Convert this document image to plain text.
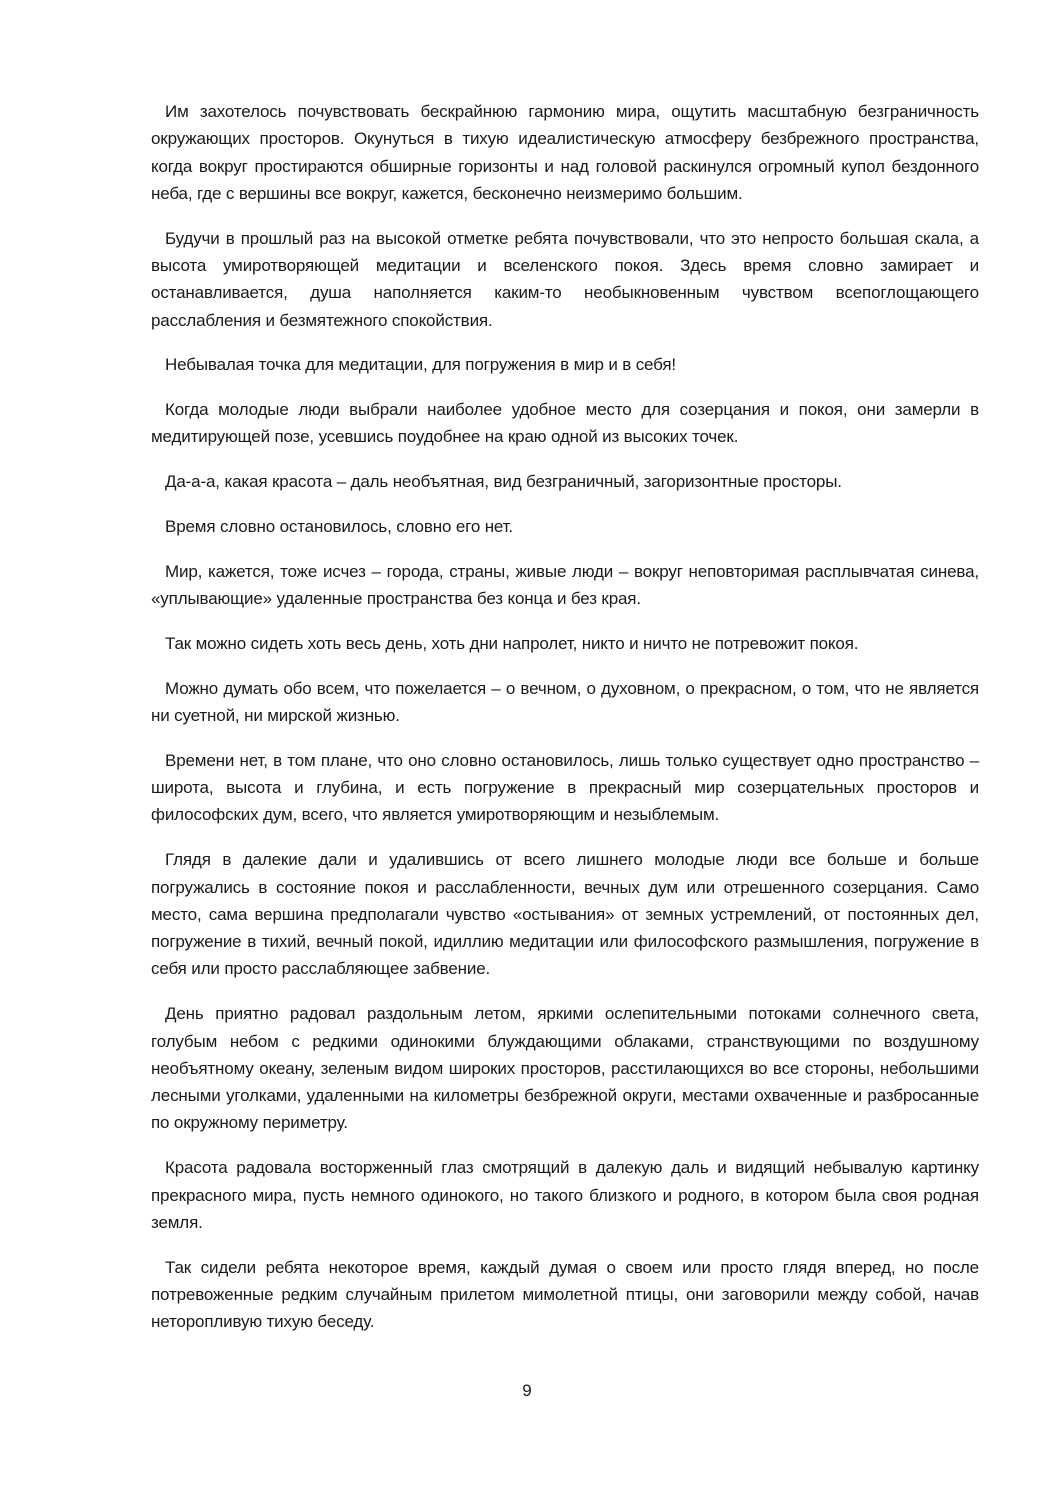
Им захотелось почувствовать бескрайнюю гармонию мира, ощутить масштабную безграничность окружающих просторов. Окунуться в тихую идеалистическую атмосферу безбрежного пространства, когда вокруг простираются обширные горизонты и над головой раскинулся огромный купол бездонного неба, где с вершины все вокруг, кажется, бесконечно неизмеримо большим.

Будучи в прошлый раз на высокой отметке ребята почувствовали, что это непросто большая скала, а высота умиротворяющей медитации и вселенского покоя. Здесь время словно замирает и останавливается, душа наполняется каким-то необыкновенным чувством всепоглощающего расслабления и безмятежного спокойствия.

Небывалая точка для медитации, для погружения в мир и в себя!

Когда молодые люди выбрали наиболее удобное место для созерцания и покоя, они замерли в медитирующей позе, усевшись поудобнее на краю одной из высоких точек.

Да-а-а, какая красота – даль необъятная, вид безграничный, загоризонтные просторы.

Время словно остановилось, словно его нет.

Мир, кажется, тоже исчез – города, страны, живые люди – вокруг неповторимая расплывчатая синева, «уплывающие» удаленные пространства без конца и без края.

Так можно сидеть хоть весь день, хоть дни напролет, никто и ничто не потревожит покоя.

Можно думать обо всем, что пожелается – о вечном, о духовном, о прекрасном, о том, что не является ни суетной, ни мирской жизнью.

Времени нет, в том плане, что оно словно остановилось, лишь только существует одно пространство – широта, высота и глубина, и есть погружение в прекрасный мир созерцательных просторов и философских дум, всего, что является умиротворяющим и незыблемым.

Глядя в далекие дали и удалившись от всего лишнего молодые люди все больше и больше погружались в состояние покоя и расслабленности, вечных дум или отрешенного созерцания. Само место, сама вершина предполагали чувство «остывания» от земных устремлений, от постоянных дел, погружение в тихий, вечный покой, идиллию медитации или философского размышления, погружение в себя или просто расслабляющее забвение.

День приятно радовал раздольным летом, яркими ослепительными потоками солнечного света, голубым небом с редкими одинокими блуждающими облаками, странствующими по воздушному необъятному океану, зеленым видом широких просторов, расстилающихся во все стороны, небольшими лесными уголками, удаленными на километры безбрежной округи, местами охваченные и разбросанные по окружному периметру.

Красота радовала восторженный глаз смотрящий в далекую даль и видящий небывалую картинку прекрасного мира, пусть немного одинокого, но такого близкого и родного, в котором была своя родная земля.

Так сидели ребята некоторое время, каждый думая о своем или просто глядя вперед, но после потревоженные редким случайным прилетом мимолетной птицы, они заговорили между собой, начав неторопливую тихую беседу.

9
